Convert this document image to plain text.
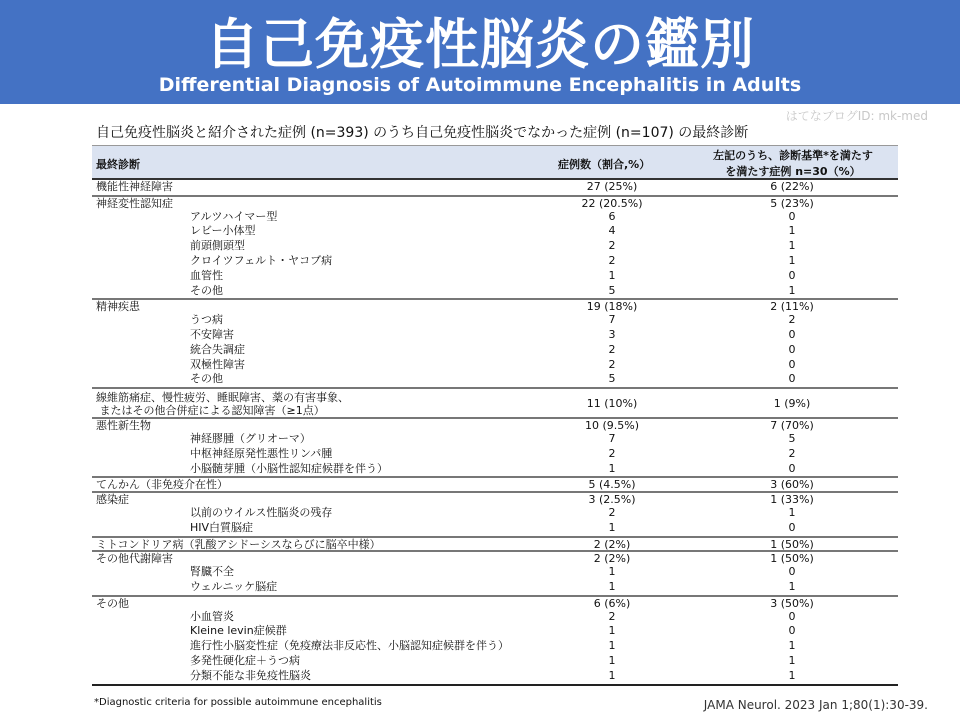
自己免疫性脳炎の鑑別
Differential Diagnosis of Autoimmune Encephalitis in Adults
はてなブログID: mk-med
自己免疫性脳炎と紹介された症例 (n=393) のうち自己免疫性脳炎でなかった症例 (n=107) の最終診断
最終診断	症例数（割合,%）
左記のうち、診断基準*を満たす
を満たす症例 n=30（%）
機能性神経障害	27 (25%)	6 (22%)
神経変性認知症	22 (20.5%)	5 (23%)
アルツハイマー型	6	0
レビー小体型	4	1
前頭側頭型	2	1
クロイツフェルト・ヤコブ病	2	1
血管性	1	0
その他	5	1
精神疾患	19 (18%)	2 (11%)
うつ病	7	2
不安障害	3	0
統合失調症	2	0
双極性障害	2	0
その他	5	0
線維筋痛症、慢性疲労、睡眠障害、薬の有害事象、
またはその他合併症による認知障害（≥1点）
11 (10%)	1 (9%)
悪性新生物	10 (9.5%)	7 (70%)
神経膠腫（グリオーマ）	7	5
中枢神経原発性悪性リンパ腫	2	2
小脳髄芽腫（小脳性認知症候群を伴う）	1	0
てんかん（非免疫介在性）	5 (4.5%)	3 (60%)
感染症	3 (2.5%)	1 (33%)
以前のウイルス性脳炎の残存	2	1
HIV白質脳症	1	0
ミトコンドリア病（乳酸アシドーシスならびに脳卒中様）	2 (2%)	1 (50%)
その他代謝障害	2 (2%)	1 (50%)
腎臓不全	1	0
ウェルニッケ脳症	1	1
その他	6 (6%)	3 (50%)
小血管炎	2	0
Kleine levin症候群	1	0
進行性小脳変性症（免疫療法非反応性、小脳認知症候群を伴う）	1	1
多発性硬化症＋うつ病	1	1
分類不能な非免疫性脳炎	1	1
*Diagnostic criteria for possible autoimmune encephalitis	JAMA Neurol. 2023 Jan 1;80(1):30-39.
